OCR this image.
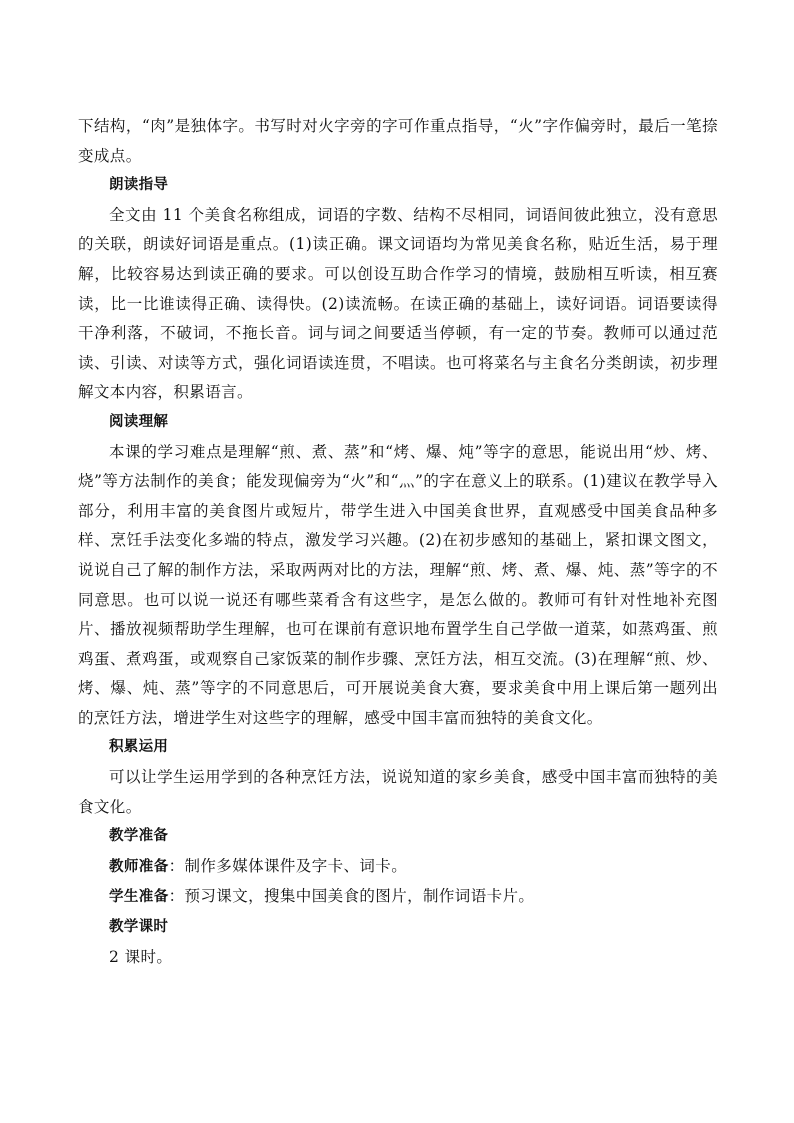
下结构，“肉”是独体字。书写时对火字旁的字可作重点指导，“火”字作偏旁时，最后一笔捺变成点。

朗读指导

全文由 11 个美食名称组成，词语的字数、结构不尽相同，词语间彼此独立，没有意思的关联，朗读好词语是重点。(1)读正确。课文词语均为常见美食名称，贴近生活，易于理解，比较容易达到读正确的要求。可以创设互助合作学习的情境，鼓励相互听读，相互赛读，比一比谁读得正确、读得快。(2)读流畅。在读正确的基础上，读好词语。词语要读得干净利落，不破词，不拖长音。词与词之间要适当停顿，有一定的节奏。教师可以通过范读、引读、对读等方式，强化词语读连贯，不唱读。也可将菜名与主食名分类朗读，初步理解文本内容，积累语言。

阅读理解

本课的学习难点是理解“煎、煮、蒸”和“烤、爆、炖”等字的意思，能说出用“炒、烤、烧”等方法制作的美食；能发现偏旁为“火”和“灬”的字在意义上的联系。(1)建议在教学导入部分，利用丰富的美食图片或短片，带学生进入中国美食世界，直观感受中国美食品种多样、烹饪手法变化多端的特点，激发学习兴趣。(2)在初步感知的基础上，紧扣课文图文，说说自己了解的制作方法，采取两两对比的方法，理解“煎、烤、煮、爆、炖、蒸”等字的不同意思。也可以说一说还有哪些菜肴含有这些字，是怎么做的。教师可有针对性地补充图片、播放视频帮助学生理解，也可在课前有意识地布置学生自己学做一道菜，如蒸鸡蛋、煎鸡蛋、煮鸡蛋，或观察自己家饭菜的制作步骤、烹饪方法，相互交流。(3)在理解“煎、炒、烤、爆、炖、蒸”等字的不同意思后，可开展说美食大赛，要求美食中用上课后第一题列出的烹饪方法，增进学生对这些字的理解，感受中国丰富而独特的美食文化。

积累运用

可以让学生运用学到的各种烹饪方法，说说知道的家乡美食，感受中国丰富而独特的美食文化。

教学准备

教师准备：制作多媒体课件及字卡、词卡。

学生准备：预习课文，搜集中国美食的图片，制作词语卡片。

教学课时

2 课时。
